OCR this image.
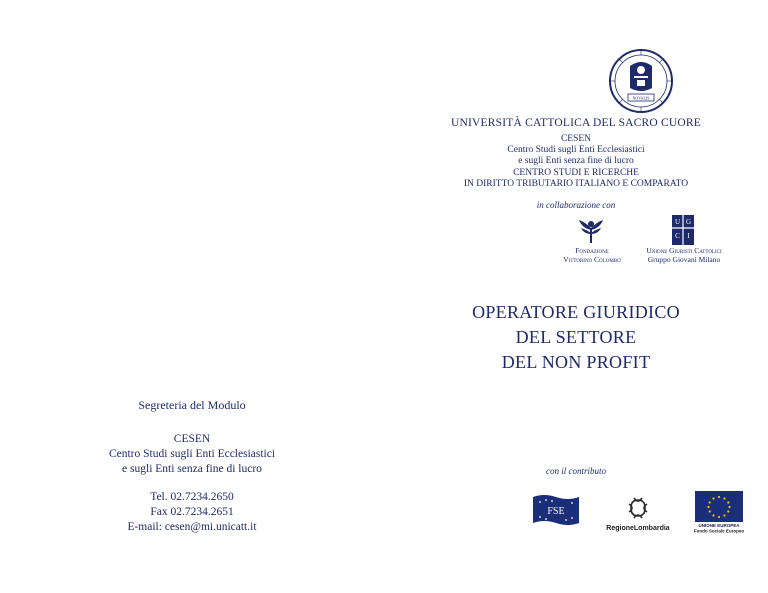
Segreteria del Modulo
CESEN
Centro Studi sugli Enti Ecclesiastici
e sugli Enti senza fine di lucro
Tel. 02.7234.2650
Fax 02.7234.2651
E-mail: cesen@mi.unicatt.it
NOVALIS
UNIVERSITÀ CATTOLICA DEL SACRO CUORE
CESEN
Centro Studi sugli Enti Ecclesiastici
e sugli Enti senza fine di lucro
CENTRO STUDI E RICERCHE
IN DIRITTO TRIBUTARIO ITALIANO E COMPARATO
in collaborazione con
Fondazione
Vittorino Colombo
U G
C I
Unione Giuristi Cattolici
Gruppo Giovani Milano
OPERATORE GIURIDICO
DEL SETTORE
DEL NON PROFIT
con il contributo
FSE
RegioneLombardia	UNIONE EUROPEA
Fondo Sociale Europeo
